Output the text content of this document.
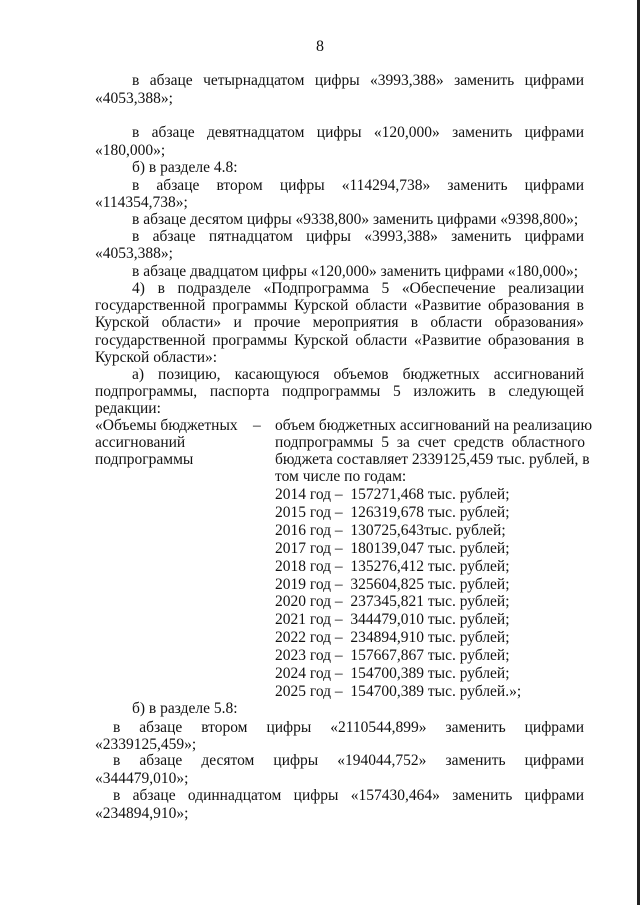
8
в абзаце четырнадцатом цифры «3993,388» заменить цифрами
«4053,388»;
в абзаце девятнадцатом цифры «120,000» заменить цифрами
«180,000»;
б) в разделе 4.8:
в абзаце втором цифры «114294,738» заменить цифрами
«114354,738»;
в абзаце десятом цифры «9338,800» заменить цифрами «9398,800»;
в абзаце пятнадцатом цифры «3993,388» заменить цифрами
«4053,388»;
в абзаце двадцатом цифры «120,000» заменить цифрами «180,000»;
4) в подразделе «Подпрограмма 5 «Обеспечение реализации
государственной программы Курской области «Развитие образования в
Курской области» и прочие мероприятия в области образования»
государственной программы Курской области «Развитие образования в
Курской области»:
а) позицию, касающуюся объемов бюджетных ассигнований
подпрограммы, паспорта подпрограммы 5 изложить в следующей
редакции:
«Объемы бюджетных
ассигнований
подпрограммы
– объем бюджетных ассигнований на реализацию
подпрограммы 5 за счет средств областного
бюджета составляет 2339125,459 тыс. рублей, в
том числе по годам:
2014 год –  157271,468 тыс. рублей;
2015 год –  126319,678 тыс. рублей;
2016 год –  130725,643тыс. рублей;
2017 год –  180139,047 тыс. рублей;
2018 год –  135276,412 тыс. рублей;
2019 год –  325604,825 тыс. рублей;
2020 год –  237345,821 тыс. рублей;
2021 год –  344479,010 тыс. рублей;
2022 год –  234894,910 тыс. рублей;
2023 год –  157667,867 тыс. рублей;
2024 год –  154700,389 тыс. рублей;
2025 год –  154700,389 тыс. рублей.»;
б) в разделе 5.8:
в абзаце втором цифры «2110544,899» заменить цифрами
«2339125,459»;
в абзаце десятом цифры «194044,752» заменить цифрами
«344479,010»;
в абзаце одиннадцатом цифры «157430,464» заменить цифрами
«234894,910»;
